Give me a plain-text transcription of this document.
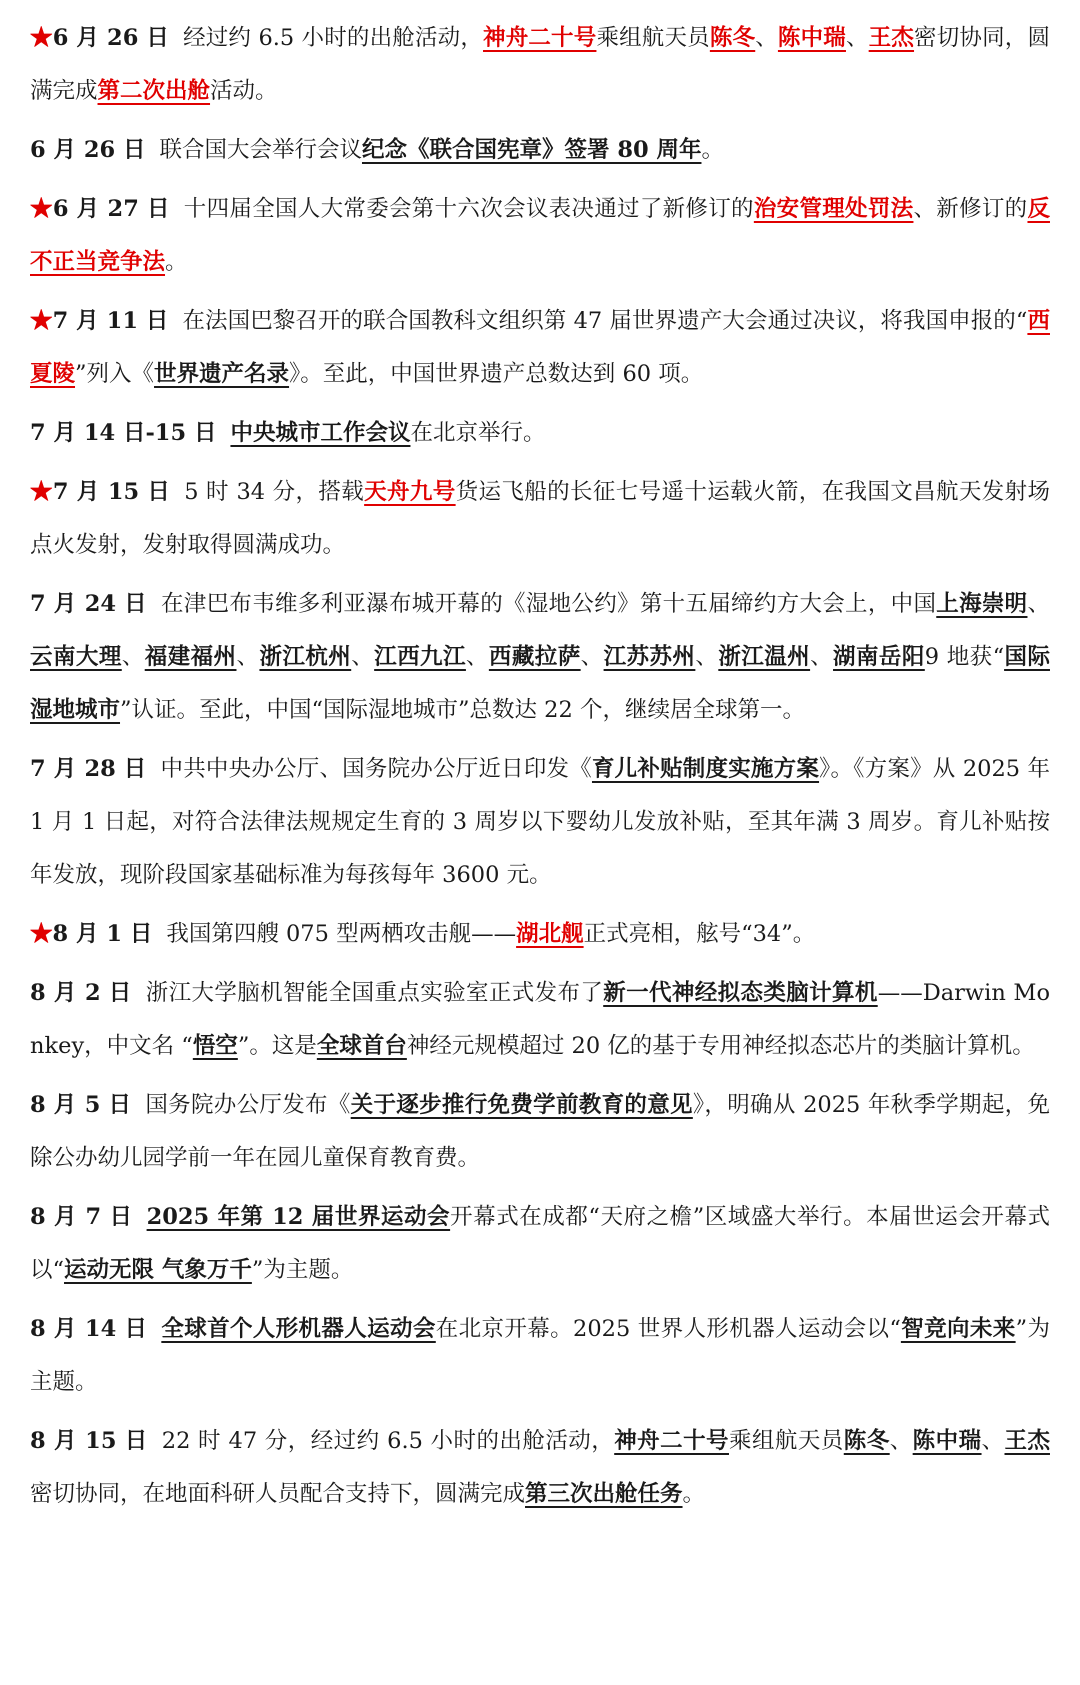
★6 月 26 日 经过约 6.5 小时的出舱活动，神舟二十号乘组航天员陈冬、陈中瑞、王杰密切协同，圆满完成第二次出舱活动。

6 月 26 日 联合国大会举行会议纪念《联合国宪章》签署 80 周年。

★6 月 27 日 十四届全国人大常委会第十六次会议表决通过了新修订的治安管理处罚法、新修订的反不正当竞争法。

★7 月 11 日 在法国巴黎召开的联合国教科文组织第 47 届世界遗产大会通过决议，将我国申报的“西夏陵”列入《世界遗产名录》。至此，中国世界遗产总数达到 60 项。

7 月 14 日-15 日 中央城市工作会议在北京举行。

★7 月 15 日 5 时 34 分，搭载天舟九号货运飞船的长征七号遥十运载火箭，在我国文昌航天发射场点火发射，发射取得圆满成功。

7 月 24 日 在津巴布韦维多利亚瀑布城开幕的《湿地公约》第十五届缔约方大会上，中国上海崇明、云南大理、福建福州、浙江杭州、江西九江、西藏拉萨、江苏苏州、浙江温州、湖南岳阳9 地获“国际湿地城市”认证。至此，中国“国际湿地城市”总数达 22 个，继续居全球第一。

7 月 28 日 中共中央办公厅、国务院办公厅近日印发《育儿补贴制度实施方案》。《方案》从 2025 年 1 月 1 日起，对符合法律法规规定生育的 3 周岁以下婴幼儿发放补贴，至其年满 3 周岁。育儿补贴按年发放，现阶段国家基础标准为每孩每年 3600 元。

★8 月 1 日 我国第四艘 075 型两栖攻击舰——湖北舰正式亮相，舷号“34”。

8 月 2 日 浙江大学脑机智能全国重点实验室正式发布了新一代神经拟态类脑计算机——Darwin Monkey，中文名 “悟空”。这是全球首台神经元规模超过 20 亿的基于专用神经拟态芯片的类脑计算机。

8 月 5 日 国务院办公厅发布《关于逐步推行免费学前教育的意见》，明确从 2025 年秋季学期起，免除公办幼儿园学前一年在园儿童保育教育费。

8 月 7 日 2025 年第 12 届世界运动会开幕式在成都“天府之檐”区域盛大举行。本届世运会开幕式以“运动无限 气象万千”为主题。

8 月 14 日 全球首个人形机器人运动会在北京开幕。2025 世界人形机器人运动会以“智竞向未来”为主题。

8 月 15 日 22 时 47 分，经过约 6.5 小时的出舱活动，神舟二十号乘组航天员陈冬、陈中瑞、王杰密切协同，在地面科研人员配合支持下，圆满完成第三次出舱任务。
